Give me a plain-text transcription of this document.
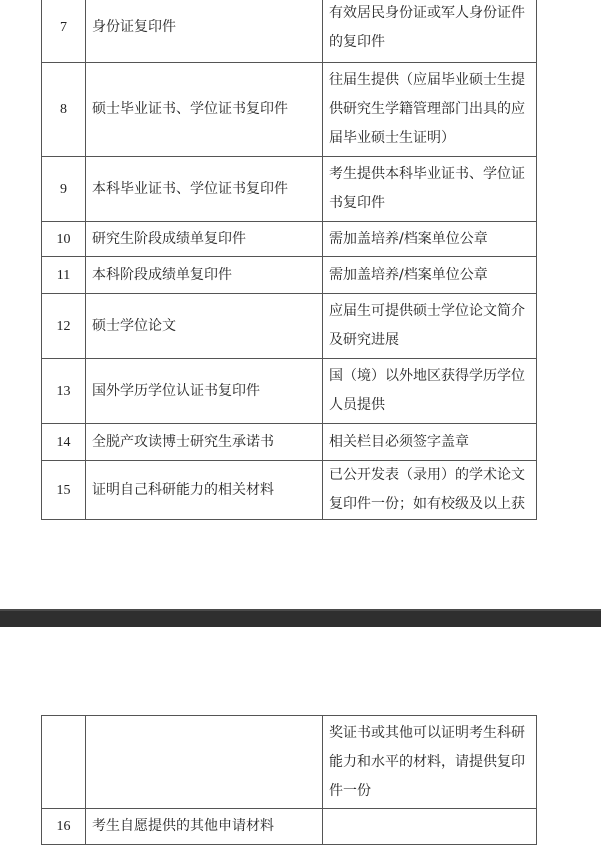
7	身份证复印件	有效居民身份证或军人身份证件的复印件
8	硕士毕业证书、学位证书复印件	往届生提供（应届毕业硕士生提供研究生学籍管理部门出具的应届毕业硕士生证明）
9	本科毕业证书、学位证书复印件	考生提供本科毕业证书、学位证书复印件
10	研究生阶段成绩单复印件	需加盖培养/档案单位公章
11	本科阶段成绩单复印件	需加盖培养/档案单位公章
12	硕士学位论文	应届生可提供硕士学位论文简介及研究进展
13	国外学历学位认证书复印件	国（境）以外地区获得学历学位人员提供
14	全脱产攻读博士研究生承诺书	相关栏目必须签字盖章
15	证明自己科研能力的相关材料	已公开发表（录用）的学术论文复印件一份；如有校级及以上获
		奖证书或其他可以证明考生科研能力和水平的材料，请提供复印件一份
16	考生自愿提供的其他申请材料	
